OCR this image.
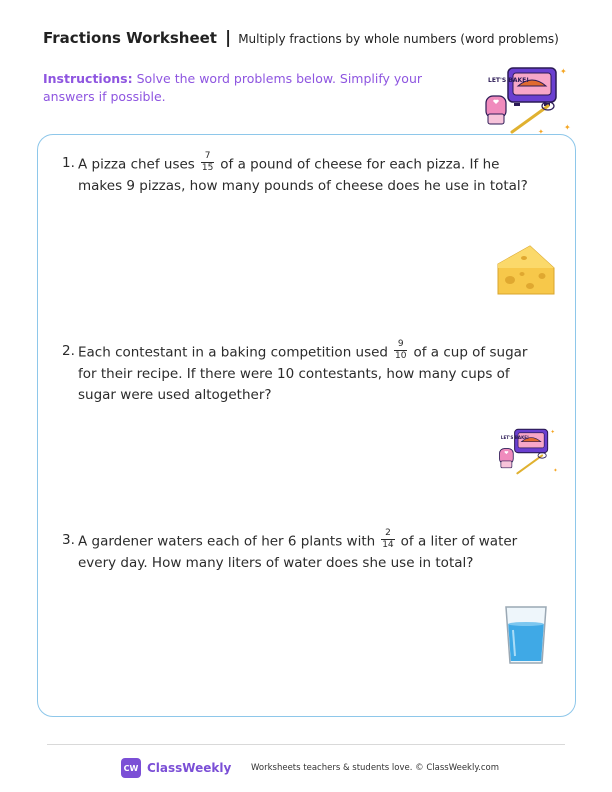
Fractions Worksheet | Multiply fractions by whole numbers (word problems)
Instructions: Solve the word problems below. Simplify your answers if possible.
LET'S BAKE!
✦
✦
✦
1. A pizza chef uses $\frac{7}{15}$ of a pound of cheese for each pizza. If he makes 9 pizzas, how many pounds of cheese does he use in total?
2. Each contestant in a baking competition used $\frac{9}{10}$ of a cup of sugar for their recipe. If there were 10 contestants, how many cups of sugar were used altogether?
LET'S BAKE!
✦
✦
3. A gardener waters each of her 6 plants with $\frac{2}{14}$ of a liter of water every day. How many liters of water does she use in total?
CW ClassWeekly Worksheets teachers & students love. © ClassWeekly.com
